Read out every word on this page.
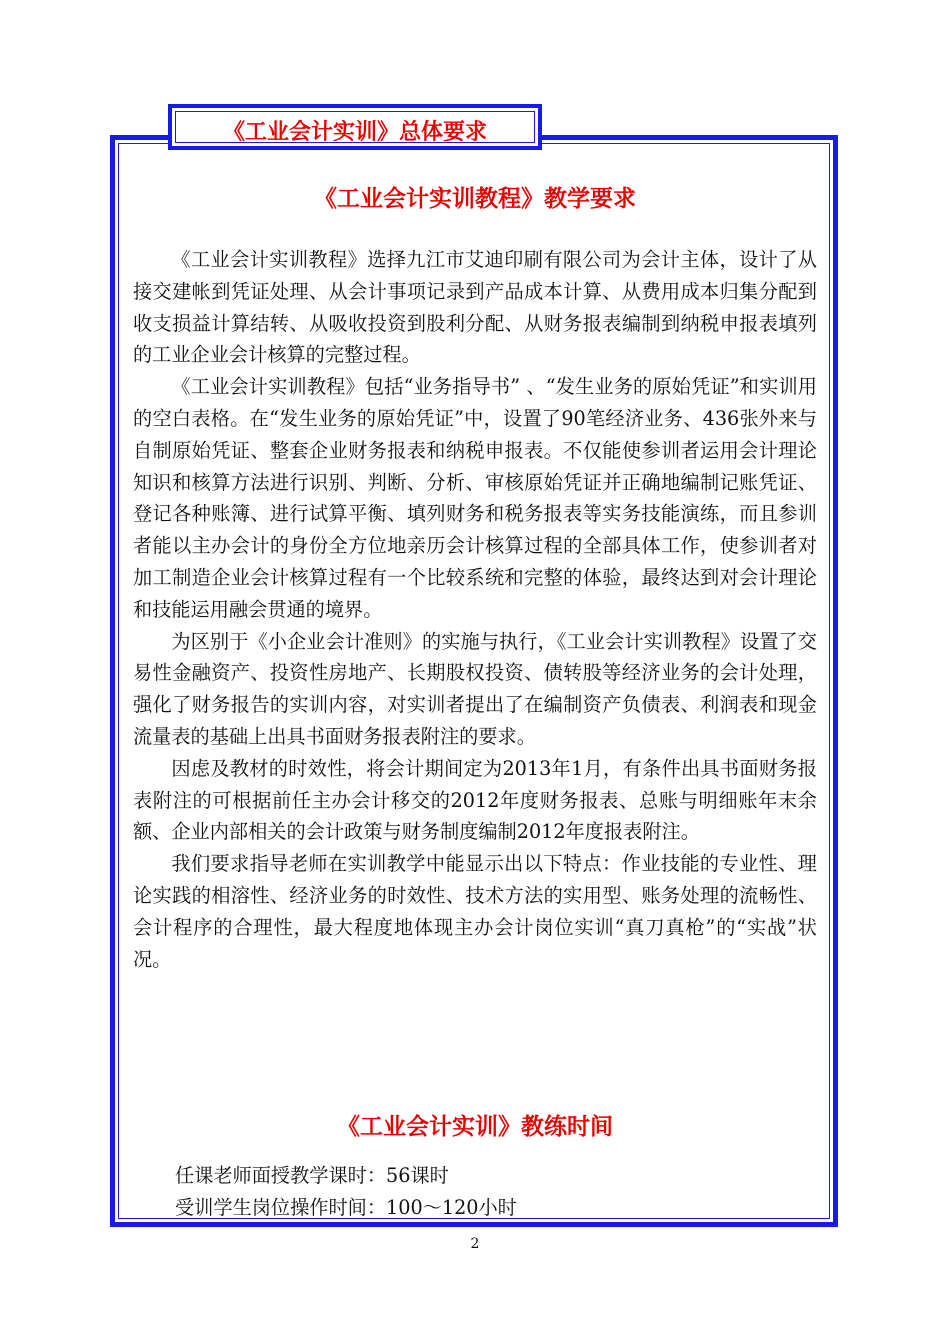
《工业会计实训》总体要求
《工业会计实训教程》教学要求

《工业会计实训教程》选择九江市艾迪印刷有限公司为会计主体，设计了从接交建帐到凭证处理、从会计事项记录到产品成本计算、从费用成本归集分配到收支损益计算结转、从吸收投资到股利分配、从财务报表编制到纳税申报表填列的工业企业会计核算的完整过程。

《工业会计实训教程》包括“业务指导书” 、“发生业务的原始凭证”和实训用的空白表格。在“发生业务的原始凭证”中，设置了90笔经济业务、436张外来与自制原始凭证、整套企业财务报表和纳税申报表。不仅能使参训者运用会计理论知识和核算方法进行识别、判断、分析、审核原始凭证并正确地编制记账凭证、登记各种账簿、进行试算平衡、填列财务和税务报表等实务技能演练，而且参训者能以主办会计的身份全方位地亲历会计核算过程的全部具体工作，使参训者对加工制造企业会计核算过程有一个比较系统和完整的体验，最终达到对会计理论和技能运用融会贯通的境界。

为区别于《小企业会计准则》的实施与执行，《工业会计实训教程》设置了交易性金融资产、投资性房地产、长期股权投资、债转股等经济业务的会计处理，强化了财务报告的实训内容，对实训者提出了在编制资产负债表、利润表和现金流量表的基础上出具书面财务报表附注的要求。

因虑及教材的时效性，将会计期间定为2013年1月，有条件出具书面财务报表附注的可根据前任主办会计移交的2012年度财务报表、总账与明细账年末余额、企业内部相关的会计政策与财务制度编制2012年度报表附注。

我们要求指导老师在实训教学中能显示出以下特点：作业技能的专业性、理论实践的相溶性、经济业务的时效性、技术方法的实用型、账务处理的流畅性、会计程序的合理性，最大程度地体现主办会计岗位实训“真刀真枪”的“实战”状况。

《工业会计实训》教练时间
任课老师面授教学课时：56课时
受训学生岗位操作时间：100～120小时
2
